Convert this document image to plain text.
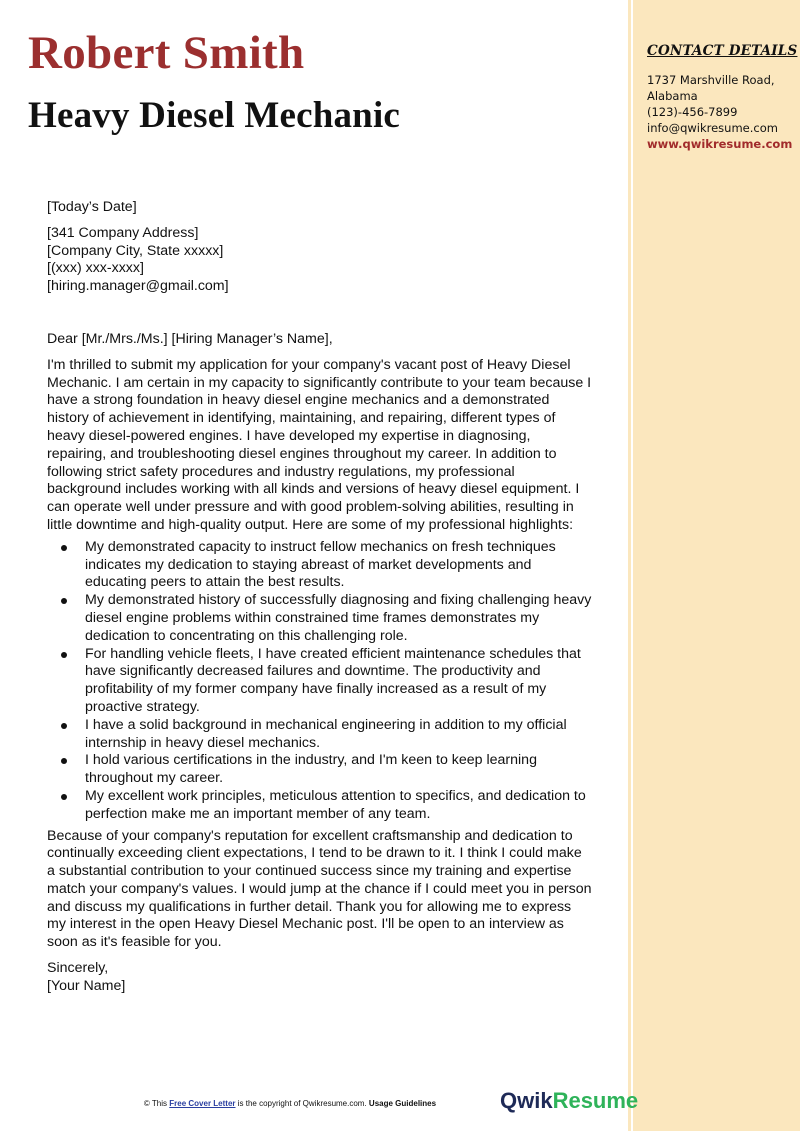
CONTACT DETAILS
1737 Marshville Road,
Alabama
(123)-456-7899
info@qwikresume.com
www.qwikresume.com
Robert Smith
Heavy Diesel Mechanic

[Today’s Date]

[341 Company Address]

[Company City, State xxxxx]

[(xxx) xxx-xxxx]

[hiring.manager@gmail.com]

Dear [Mr./Mrs./Ms.] [Hiring Manager’s Name],

I'm thrilled to submit my application for your company's vacant post of Heavy Diesel Mechanic. I am certain in my capacity to significantly contribute to your team because I have a strong foundation in heavy diesel engine mechanics and a demonstrated history of achievement in identifying, maintaining, and repairing, different types of heavy diesel-powered engines. I have developed my expertise in diagnosing, repairing, and troubleshooting diesel engines throughout my career. In addition to following strict safety procedures and industry regulations, my professional background includes working with all kinds and versions of heavy diesel equipment. I can operate well under pressure and with good problem-solving abilities, resulting in little downtime and high-quality output. Here are some of my professional highlights:

My demonstrated capacity to instruct fellow mechanics on fresh techniques indicates my dedication to staying abreast of market developments and educating peers to attain the best results.
My demonstrated history of successfully diagnosing and fixing challenging heavy diesel engine problems within constrained time frames demonstrates my dedication to concentrating on this challenging role.
For handling vehicle fleets, I have created efficient maintenance schedules that have significantly decreased failures and downtime. The productivity and profitability of my former company have finally increased as a result of my proactive strategy.
I have a solid background in mechanical engineering in addition to my official internship in heavy diesel mechanics.
I hold various certifications in the industry, and I'm keen to keep learning throughout my career.
My excellent work principles, meticulous attention to specifics, and dedication to perfection make me an important member of any team.

Because of your company's reputation for excellent craftsmanship and dedication to continually exceeding client expectations, I tend to be drawn to it. I think I could make a substantial contribution to your continued success since my training and expertise match your company's values. I would jump at the chance if I could meet you in person and discuss my qualifications in further detail. Thank you for allowing me to express my interest in the open Heavy Diesel Mechanic post. I'll be open to an interview as soon as it's feasible for you.

Sincerely,

[Your Name]

© This Free Cover Letter is the copyright of Qwikresume.com. Usage Guidelines	QwikResume
